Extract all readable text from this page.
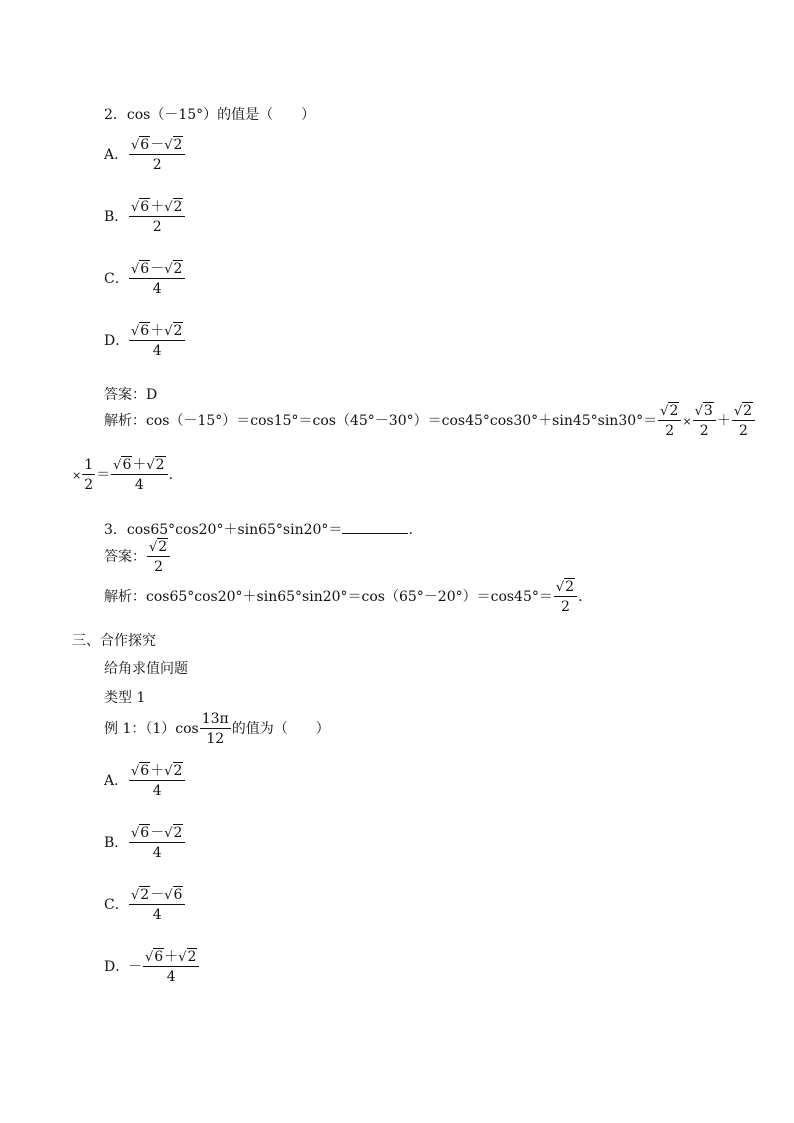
2．cos（－15°）的值是（　　）
A． $\frac{√6-√2}{2}$
B． $\frac{√6+√2}{2}$
C． $\frac{√6-√2}{4}$
D． $\frac{√6+√2}{4}$
答案：D
解析：$\cos(-15^\circ)=\cos 15^\circ=\cos(45^\circ-30^\circ)=\cos 45^\circ\cos 30^\circ+\sin 45^\circ\sin 30^\circ= \frac{√2}{2} \times \frac{√3}{2} + \frac{√2}{2}$
× $\frac{1}{2} = \frac{√6+√2}{4}$ .
3．cos65°cos20°＋sin65°sin20°＝	.
答案： $\frac{√2}{2}$
解析：$\cos 65^\circ\cos 20^\circ+\sin 65^\circ\sin 20^\circ=\cos(65^\circ-20^\circ)=\cos 45^\circ= \frac{√2}{2}$ .
三、合作探究
给角求值问题
类型 1
例 1：$(1)\cos \frac{13\pi}{12}$ 的值为（　　）
A． $\frac{√6+√2}{4}$
B． $\frac{√6-√2}{4}$
C． $\frac{√2-√6}{4}$
D．－ $\frac{√6+√2}{4}$
